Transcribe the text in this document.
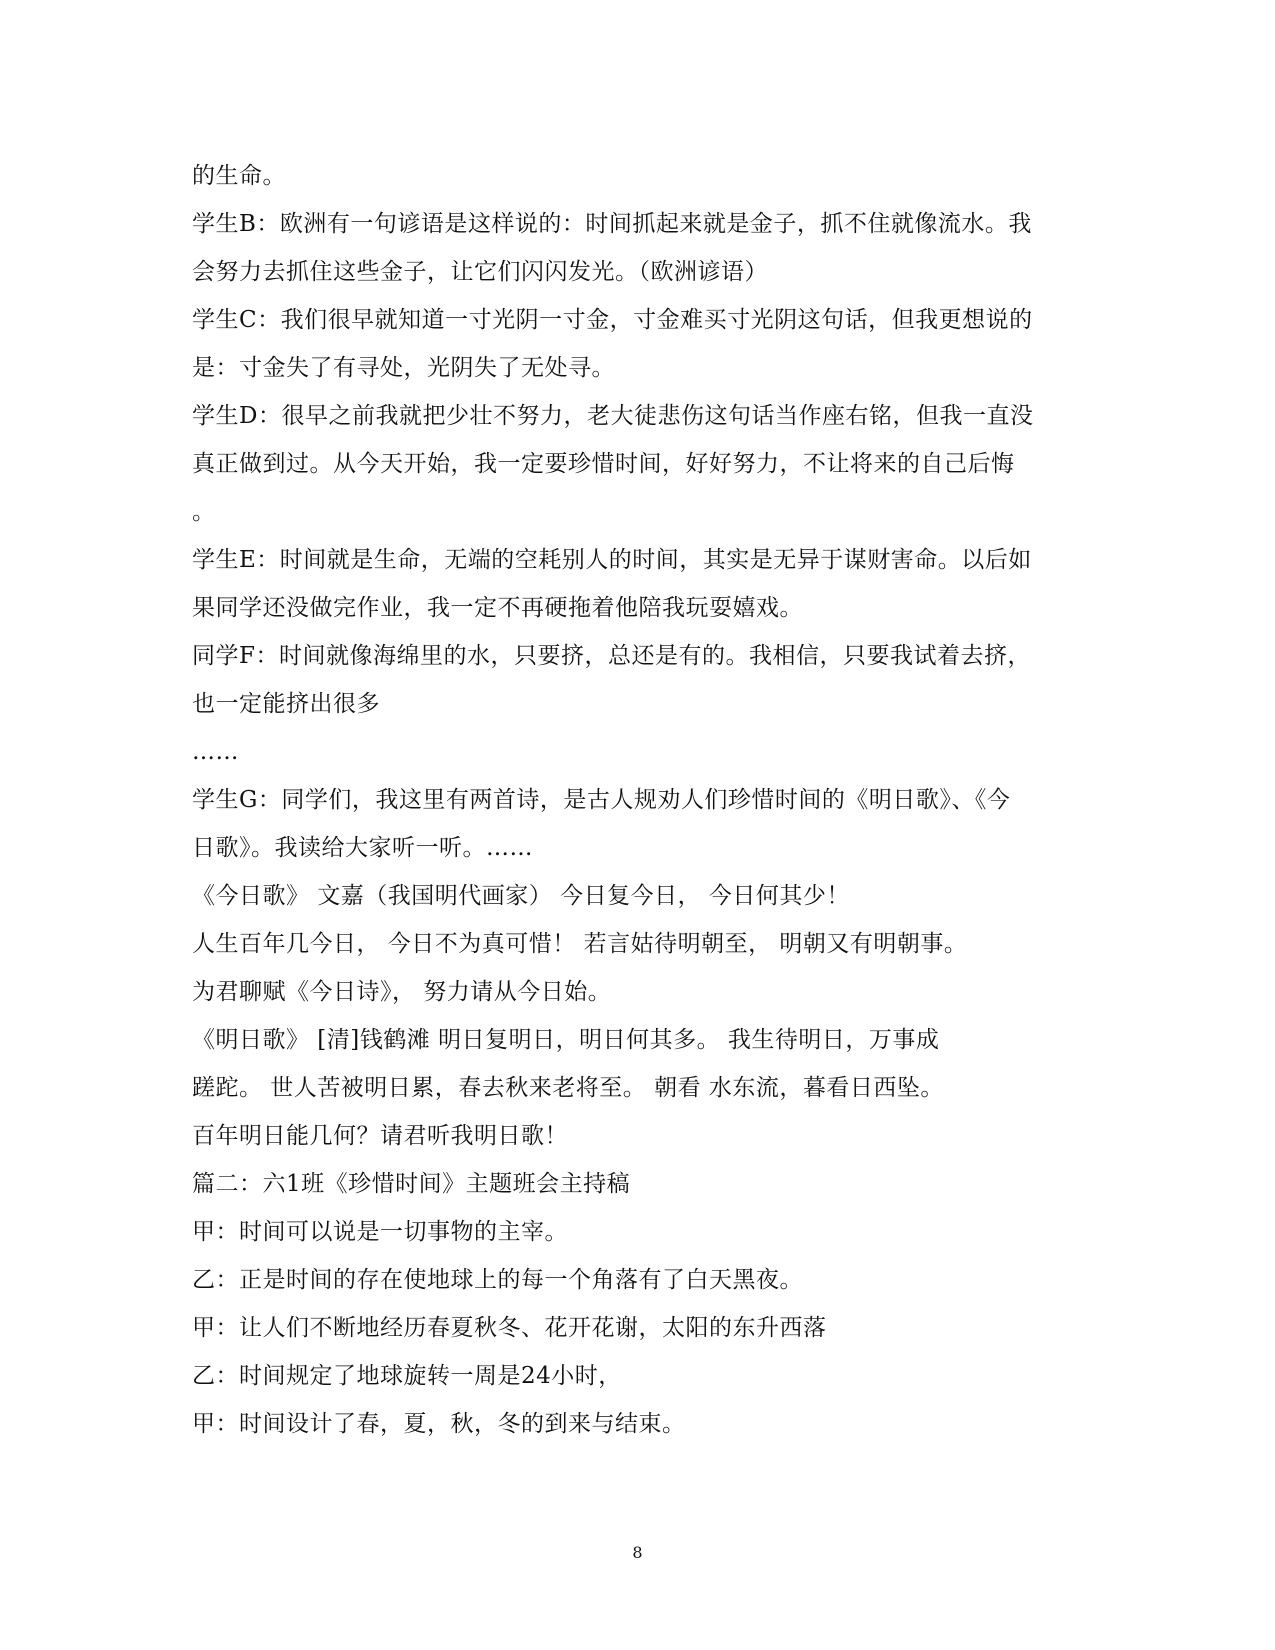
的生命。
学生B：欧洲有一句谚语是这样说的：时间抓起来就是金子，抓不住就像流水。我
会努力去抓住这些金子，让它们闪闪发光。（欧洲谚语）
学生C：我们很早就知道一寸光阴一寸金，寸金难买寸光阴这句话，但我更想说的
是：寸金失了有寻处，光阴失了无处寻。
学生D：很早之前我就把少壮不努力，老大徒悲伤这句话当作座右铭，但我一直没
真正做到过。从今天开始，我一定要珍惜时间，好好努力，不让将来的自己后悔
。
学生E：时间就是生命，无端的空耗别人的时间，其实是无异于谋财害命。以后如
果同学还没做完作业，我一定不再硬拖着他陪我玩耍嬉戏。
同学F：时间就像海绵里的水，只要挤，总还是有的。我相信，只要我试着去挤，
也一定能挤出很多
……
学生G：同学们，我这里有两首诗，是古人规劝人们珍惜时间的《明日歌》、《今
日歌》。我读给大家听一听。……
《今日歌》 文嘉（我国明代画家） 今日复今日， 今日何其少！
人生百年几今日， 今日不为真可惜！ 若言姑待明朝至， 明朝又有明朝事。
为君聊赋《今日诗》， 努力请从今日始。
《明日歌》 [清]钱鹤滩 明日复明日，明日何其多。 我生待明日，万事成
蹉跎。 世人苦被明日累，春去秋来老将至。 朝看 水东流，暮看日西坠。
百年明日能几何？请君听我明日歌！
篇二：六1班《珍惜时间》主题班会主持稿
甲：时间可以说是一切事物的主宰。
乙：正是时间的存在使地球上的每一个角落有了白天黑夜。
甲：让人们不断地经历春夏秋冬、花开花谢，太阳的东升西落
乙：时间规定了地球旋转一周是24小时，
甲：时间设计了春，夏，秋，冬的到来与结束。
8
